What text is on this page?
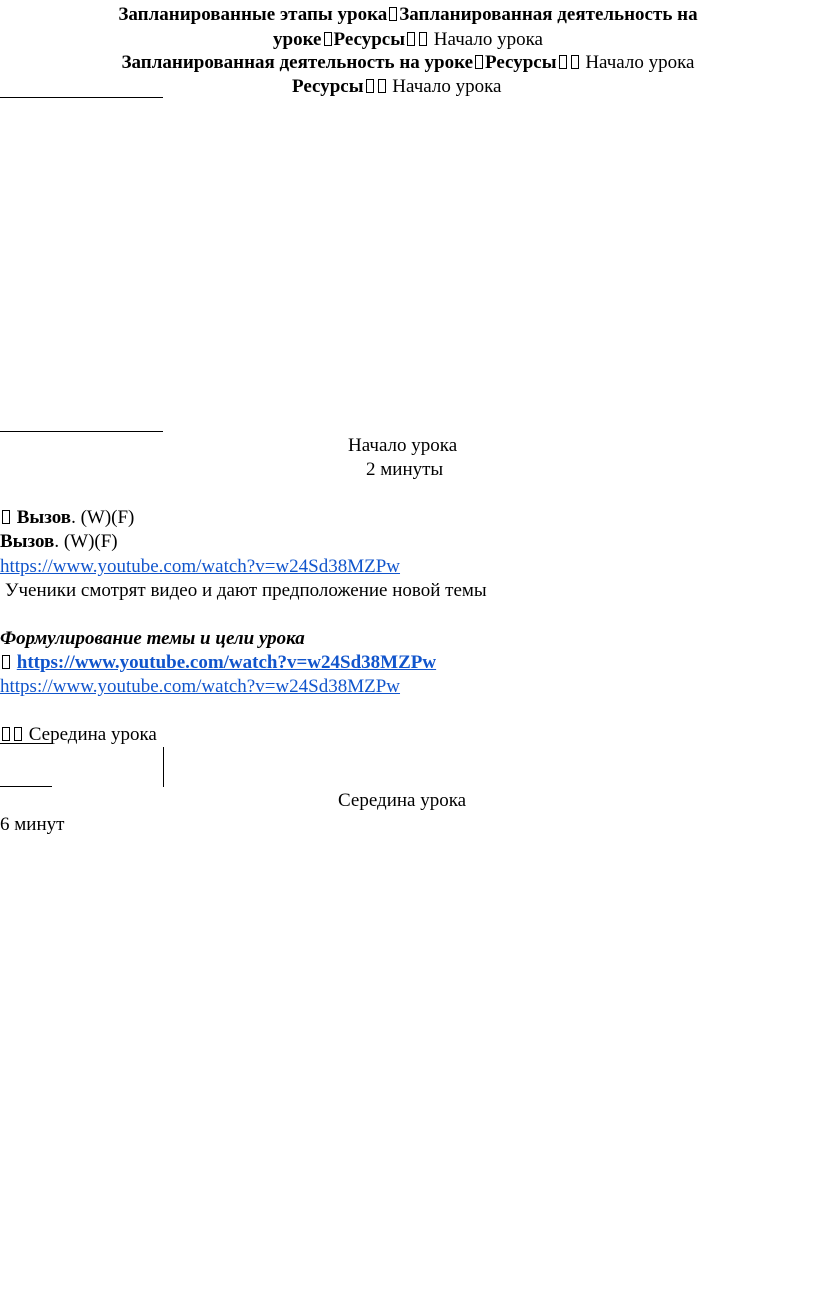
Запланированные этапы урока Запланированная деятельность на
уроке Ресурсы Начало урока
Запланированная деятельность на уроке Ресурсы Начало урока
Ресурсы Начало урока
Начало урока
2 минуты
Вызов. (W)(F)
Вызов. (W)(F)
https://www.youtube.com/watch?v=w24Sd38MZPw
Ученики смотрят видео и дают предположение новой темы
Формулирование темы и цели урока
https://www.youtube.com/watch?v=w24Sd38MZPw
https://www.youtube.com/watch?v=w24Sd38MZPw
Середина урока
Середина урока
6 минут
